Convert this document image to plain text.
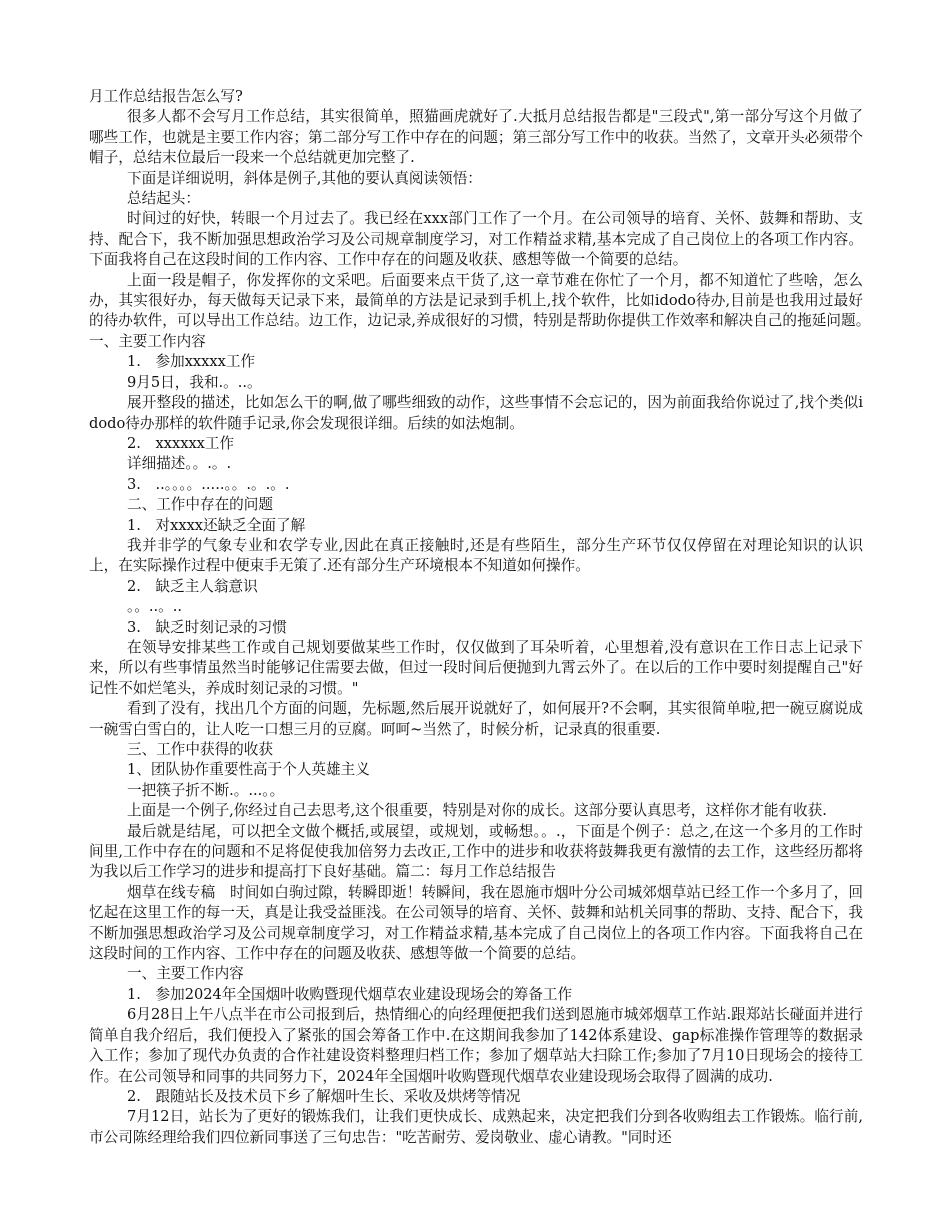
月工作总结报告怎么写?

很多人都不会写月工作总结，其实很简单，照猫画虎就好了.大抵月总结报告都是"三段式",第一部分写这个月做了哪些工作，也就是主要工作内容；第二部分写工作中存在的问题；第三部分写工作中的收获。当然了，文章开头必须带个帽子，总结末位最后一段来一个总结就更加完整了.

下面是详细说明，斜体是例子,其他的要认真阅读领悟：

总结起头：

时间过的好快，转眼一个月过去了。我已经在xxx部门工作了一个月。在公司领导的培育、关怀、鼓舞和帮助、支持、配合下，我不断加强思想政治学习及公司规章制度学习，对工作精益求精,基本完成了自己岗位上的各项工作内容。下面我将自己在这段时间的工作内容、工作中存在的问题及收获、感想等做一个简要的总结。

上面一段是帽子，你发挥你的文采吧。后面要来点干货了,这一章节难在你忙了一个月，都不知道忙了些啥，怎么办，其实很好办，每天做每天记录下来，最简单的方法是记录到手机上,找个软件，比如idodo待办,目前是也我用过最好的待办软件，可以导出工作总结。边工作，边记录,养成很好的习惯，特别是帮助你提供工作效率和解决自己的拖延问题。　　一、主要工作内容

1.　参加xxxxx工作

9月5日，我和.。..。

展开整段的描述，比如怎么干的啊,做了哪些细致的动作，这些事情不会忘记的，因为前面我给你说过了,找个类似idodo待办那样的软件随手记录,你会发现很详细。后续的如法炮制。

2.　xxxxxx工作

详细描述。。.。.

3.　..。。。。.....。。.。.。.

二、工作中存在的问题

1.　对xxxx还缺乏全面了解

我并非学的气象专业和农学专业,因此在真正接触时,还是有些陌生，部分生产环节仅仅停留在对理论知识的认识上，在实际操作过程中便束手无策了.还有部分生产环境根本不知道如何操作。

2.　缺乏主人翁意识

。。..。..

3.　缺乏时刻记录的习惯

在领导安排某些工作或自己规划要做某些工作时，仅仅做到了耳朵听着，心里想着,没有意识在工作日志上记录下来，所以有些事情虽然当时能够记住需要去做，但过一段时间后便抛到九霄云外了。在以后的工作中要时刻提醒自己"好记性不如烂笔头，养成时刻记录的习惯。"

看到了没有，找出几个方面的问题，先标题,然后展开说就好了，如何展开?不会啊，其实很简单啦,把一碗豆腐说成一碗雪白雪白的，让人吃一口想三月的豆腐。呵呵~当然了，时候分析，记录真的很重要.

三、工作中获得的收获

1、团队协作重要性高于个人英雄主义

一把筷子折不断.。...。。

上面是一个例子,你经过自己去思考,这个很重要，特别是对你的成长。这部分要认真思考，这样你才能有收获.

最后就是结尾，可以把全文做个概括,或展望，或规划，或畅想。。.，下面是个例子：总之,在这一个多月的工作时间里,工作中存在的问题和不足将促使我加倍努力去改正,工作中的进步和收获将鼓舞我更有激情的去工作，这些经历都将为我以后工作学习的进步和提高打下良好基础。篇二：每月工作总结报告

烟草在线专稿　时间如白驹过隙，转瞬即逝！转瞬间，我在恩施市烟叶分公司城郊烟草站已经工作一个多月了，回忆起在这里工作的每一天，真是让我受益匪浅。在公司领导的培育、关怀、鼓舞和站机关同事的帮助、支持、配合下，我不断加强思想政治学习及公司规章制度学习，对工作精益求精,基本完成了自己岗位上的各项工作内容。下面我将自己在这段时间的工作内容、工作中存在的问题及收获、感想等做一个简要的总结。

一、主要工作内容

1.　参加2024年全国烟叶收购暨现代烟草农业建设现场会的筹备工作

6月28日上午八点半在市公司报到后，热情细心的向经理便把我们送到恩施市城郊烟草工作站.跟郑站长碰面并进行简单自我介绍后，我们便投入了紧张的国会筹备工作中.在这期间我参加了142体系建设、gap标准操作管理等的数据录入工作；参加了现代办负责的合作社建设资料整理归档工作；参加了烟草站大扫除工作;参加了7月10日现场会的接待工作。在公司领导和同事的共同努力下，2024年全国烟叶收购暨现代烟草农业建设现场会取得了圆满的成功.

2.　跟随站长及技术员下乡了解烟叶生长、采收及烘烤等情况

7月12日，站长为了更好的锻炼我们，让我们更快成长、成熟起来，决定把我们分到各收购组去工作锻炼。临行前,市公司陈经理给我们四位新同事送了三句忠告："吃苦耐劳、爱岗敬业、虚心请教。"同时还
